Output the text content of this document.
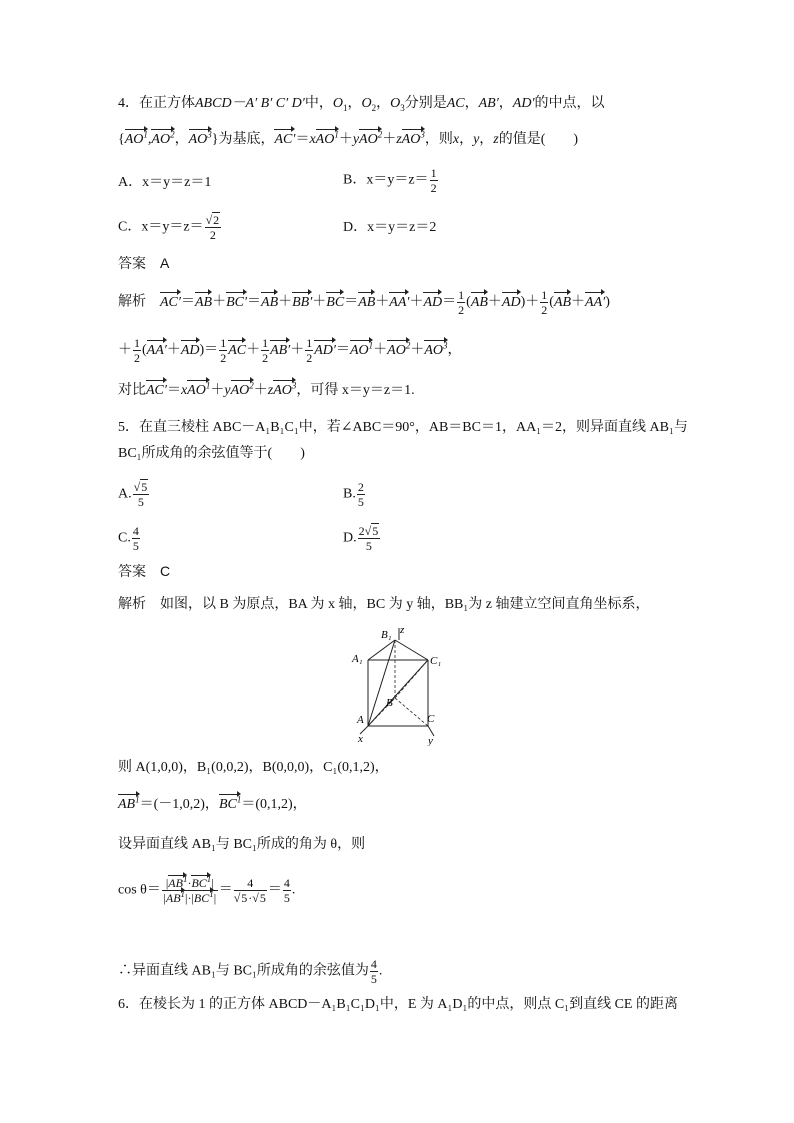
4．在正方体ABCD－A′ B′ C′ D′中，$O_1$，$O_2$，$O_3$分别是AC，AB′，AD′的中点，以
{$AO^1,AO^2$，$AO^3$}为基底，AC′＝xAO$^1$＋yAO$^2$＋zAO$^3$，则x，y，z的值是(　　)
A．x＝y＝z＝1	B．$x=y=z= \frac{1}{2}$
C．$x=y=z= \frac{√2}{2}$	D．x＝y＝z＝2
答案　 A
解析　 $AC'=AB+BC'=AB+BB'+BC=AB+AA'+AD= \frac{1}{2} (AB+AD)+ \frac{1}{2} (AB+AA')$
＋ $\frac{1}{2} (AA'+AD)= \frac{1}{2} AC+ \frac{1}{2} AB'+ \frac{1}{2} AD'=AO^1+AO^2+AO^3$，
对比AC′＝xAO$^1$＋yAO$^2$＋zAO$^3$，可得 x＝y＝z＝1.
5．在直三棱柱 ABC－A₁B₁C₁中，若∠ABC＝90°，AB＝BC＝1，AA₁＝2，则异面直线 AB₁与
BC₁所成角的余弦值等于(　　)
A. $\frac{√5}{5}$	B. $\frac{2}{5}$
C. $\frac{4}{5}$	D. $\frac{2√5}{5}$
答案　 C
解析　 如图，以 B 为原点，BA 为 x 轴，BC 为 y 轴，BB₁为 z 轴建立空间直角坐标系，
B₁ z
A₁	C₁
B
A	C
x	y
则 A(1,0,0)，B₁(0,0,2)，B(0,0,0)，C₁(0,1,2)，
$AB^1=(-1,0,2)$，$BC^1=(0,1,2)$，
设异面直线 AB₁与 BC₁所成的角为 θ，则
$\cos \theta= \frac{|AB^1\cdot BC^1|}{|AB^1|\cdot|BC^1|} = \frac{4}{√5\cdot√5} = \frac{4}{5}$ .
∴异面直线 AB₁与 BC₁所成角的余弦值为 $\frac{4}{5}$ .
6．在棱长为 1 的正方体 ABCD－A₁B₁C₁D₁中，E 为 A₁D₁的中点，则点 C₁到直线 CE 的距离
